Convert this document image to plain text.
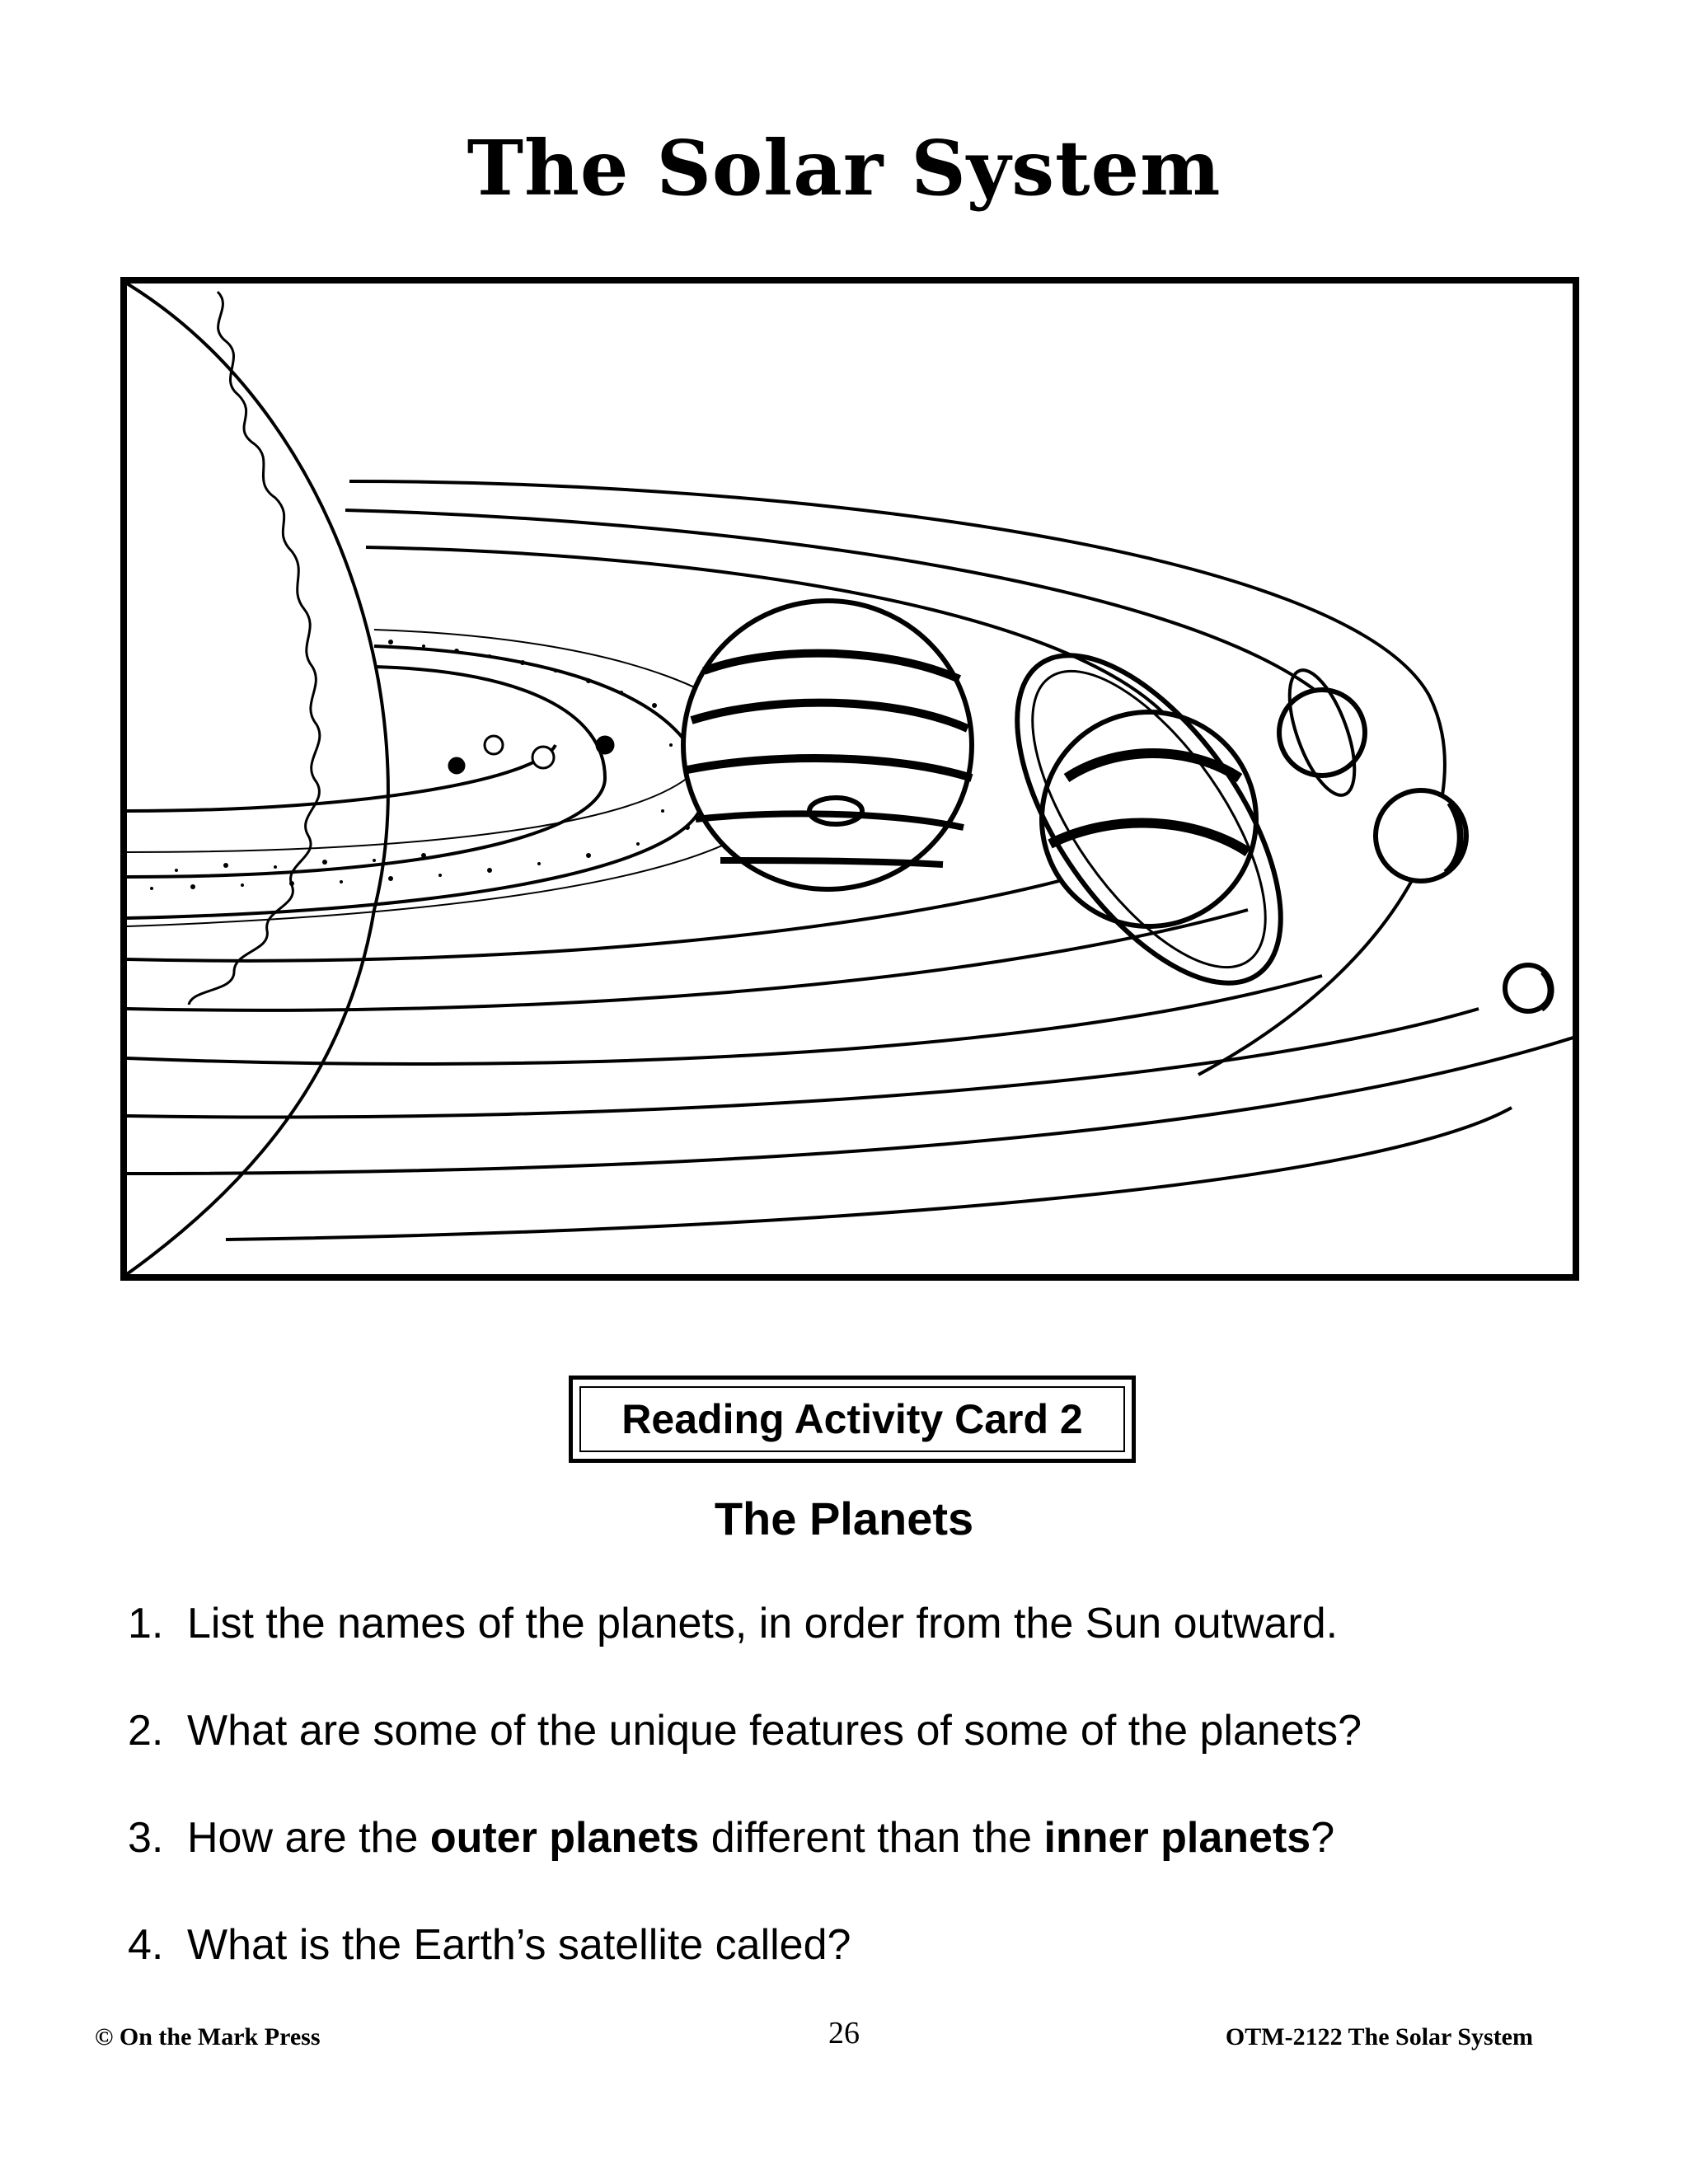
The Solar System
Reading Activity Card 2
The Planets
1. List the names of the planets, in order from the Sun outward.
2. What are some of the unique features of some of the planets?
3. How are the outer planets different than the inner planets?
4. What is the Earth’s satellite called?
© On the Mark Press	26	OTM-2122 The Solar System
